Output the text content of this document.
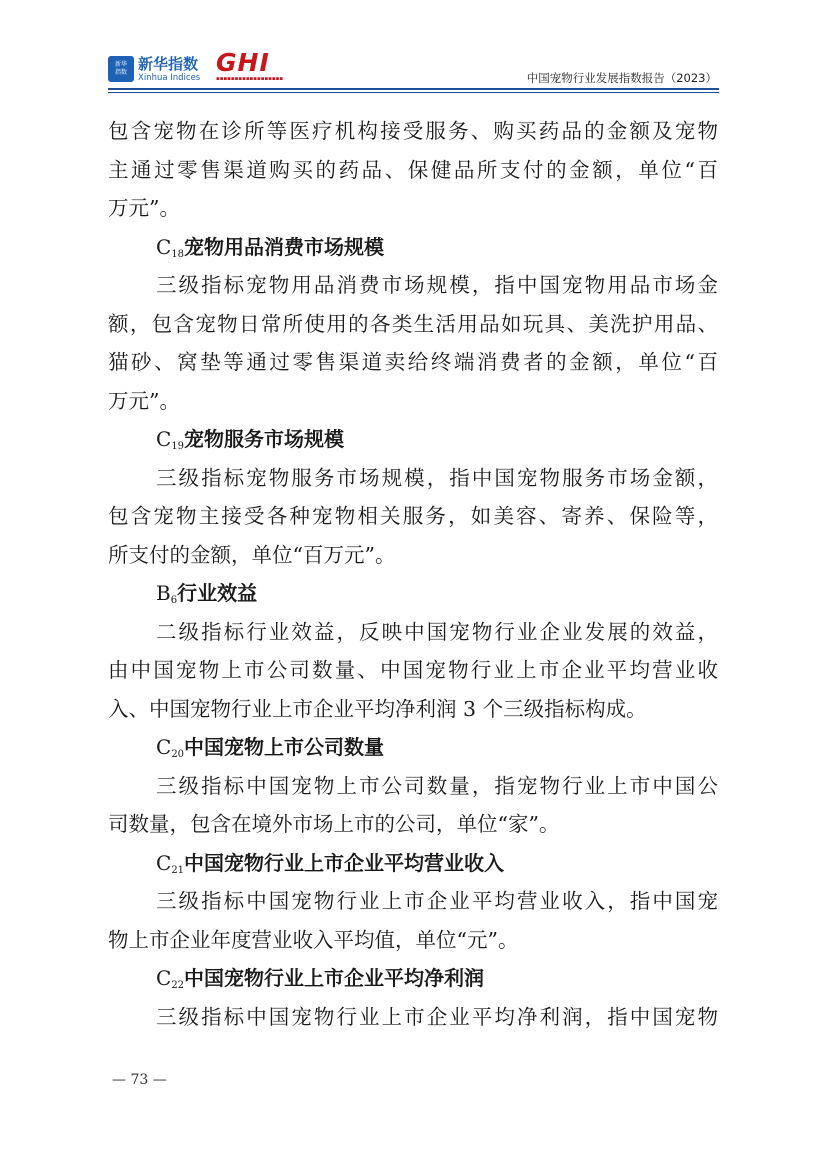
新华
指数 新华指数
Xinhua Indices
GHI
▪▪▪▪▪▪▪▪▪▪▪▪▪▪▪▪▪▪	中国宠物行业发展指数报告（2023）
包含宠物在诊所等医疗机构接受服务、购买药品的金额及宠物
主通过零售渠道购买的药品、保健品所支付的金额，单位“百
万元”。
$C_{18}$宠物用品消费市场规模
三级指标宠物用品消费市场规模，指中国宠物用品市场金
额，包含宠物日常所使用的各类生活用品如玩具、美洗护用品、
猫砂、窝垫等通过零售渠道卖给终端消费者的金额，单位“百
万元”。
$C_{19}$宠物服务市场规模
三级指标宠物服务市场规模，指中国宠物服务市场金额，
包含宠物主接受各种宠物相关服务，如美容、寄养、保险等，
所支付的金额，单位“百万元”。
$B_6$行业效益
二级指标行业效益，反映中国宠物行业企业发展的效益，
由中国宠物上市公司数量、中国宠物行业上市企业平均营业收
入、中国宠物行业上市企业平均净利润 3 个三级指标构成。
$C_{20}$中国宠物上市公司数量
三级指标中国宠物上市公司数量，指宠物行业上市中国公
司数量，包含在境外市场上市的公司，单位“家”。
$C_{21}$中国宠物行业上市企业平均营业收入
三级指标中国宠物行业上市企业平均营业收入，指中国宠
物上市企业年度营业收入平均值，单位“元”。
$C_{22}$中国宠物行业上市企业平均净利润
三级指标中国宠物行业上市企业平均净利润，指中国宠物
— 73 —
